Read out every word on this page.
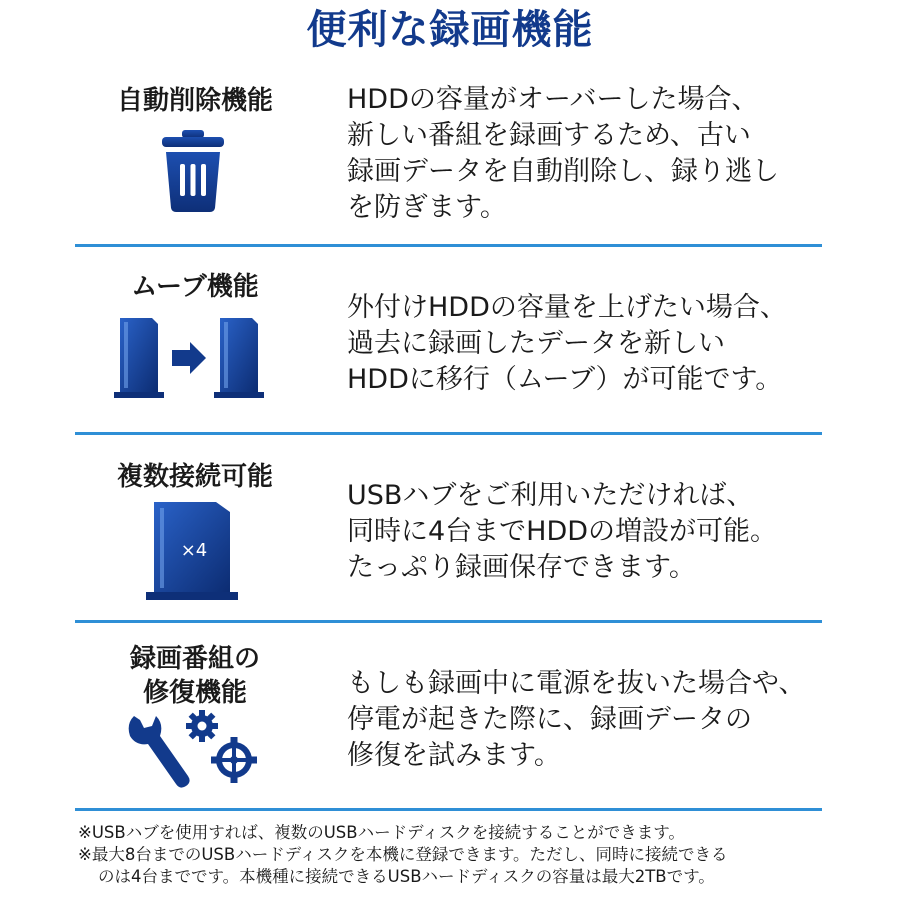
便利な録画機能
自動削除機能	HDDの容量がオーバーした場合、
新しい番組を録画するため、古い
録画データを自動削除し、録り逃し
を防ぎます。
ムーブ機能
外付けHDDの容量を上げたい場合、
過去に録画したデータを新しい
HDDに移行（ムーブ）が可能です。
複数接続可能
×4
USBハブをご利用いただければ、
同時に4台までHDDの増設が可能。
たっぷり録画保存できます。
録画番組の
修復機能	もしも録画中に電源を抜いた場合や、
停電が起きた際に、録画データの
修復を試みます。
※USBハブを使用すれば、複数のUSBハードディスクを接続することができます。
※最大8台までのUSBハードディスクを本機に登録できます。ただし、同時に接続できる
のは4台までです。本機種に接続できるUSBハードディスクの容量は最大2TBです。
